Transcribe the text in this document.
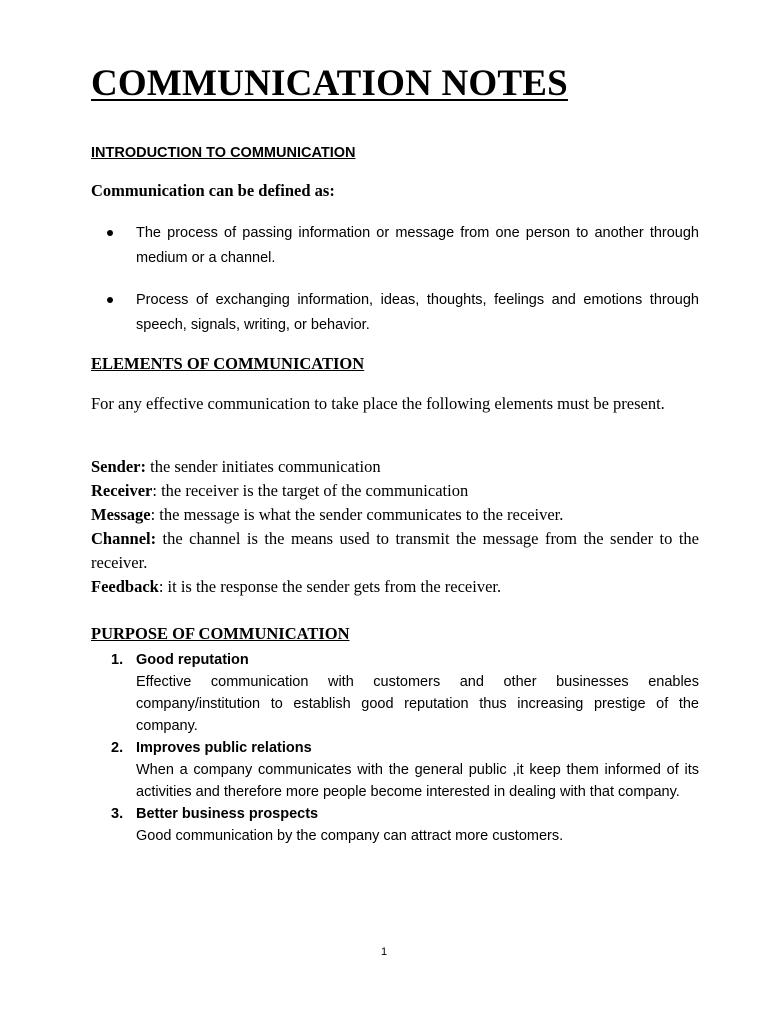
COMMUNICATION NOTES
INTRODUCTION TO COMMUNICATION
Communication can be defined as:
The process of passing information or message from one person to another through medium or a channel.
Process of exchanging information, ideas, thoughts, feelings and emotions through speech, signals, writing, or behavior.
ELEMENTS OF COMMUNICATION

For any effective communication to take place the following elements must be present.

Sender: the sender initiates communication
Receiver: the receiver is the target of the communication
Message: the message is what the sender communicates to the receiver.
Channel: the channel is the means used to transmit the message from the sender to the receiver.
Feedback: it is the response the sender gets from the receiver.
PURPOSE OF COMMUNICATION
1. Good reputation
Effective communication with customers and other businesses enables company/institution to establish good reputation thus increasing prestige of the company.
2. Improves public relations
When a company communicates with the general public ,it keep them informed of its activities and therefore more people become interested in dealing with that company.
3. Better business prospects
Good communication by the company can attract more customers.
1
